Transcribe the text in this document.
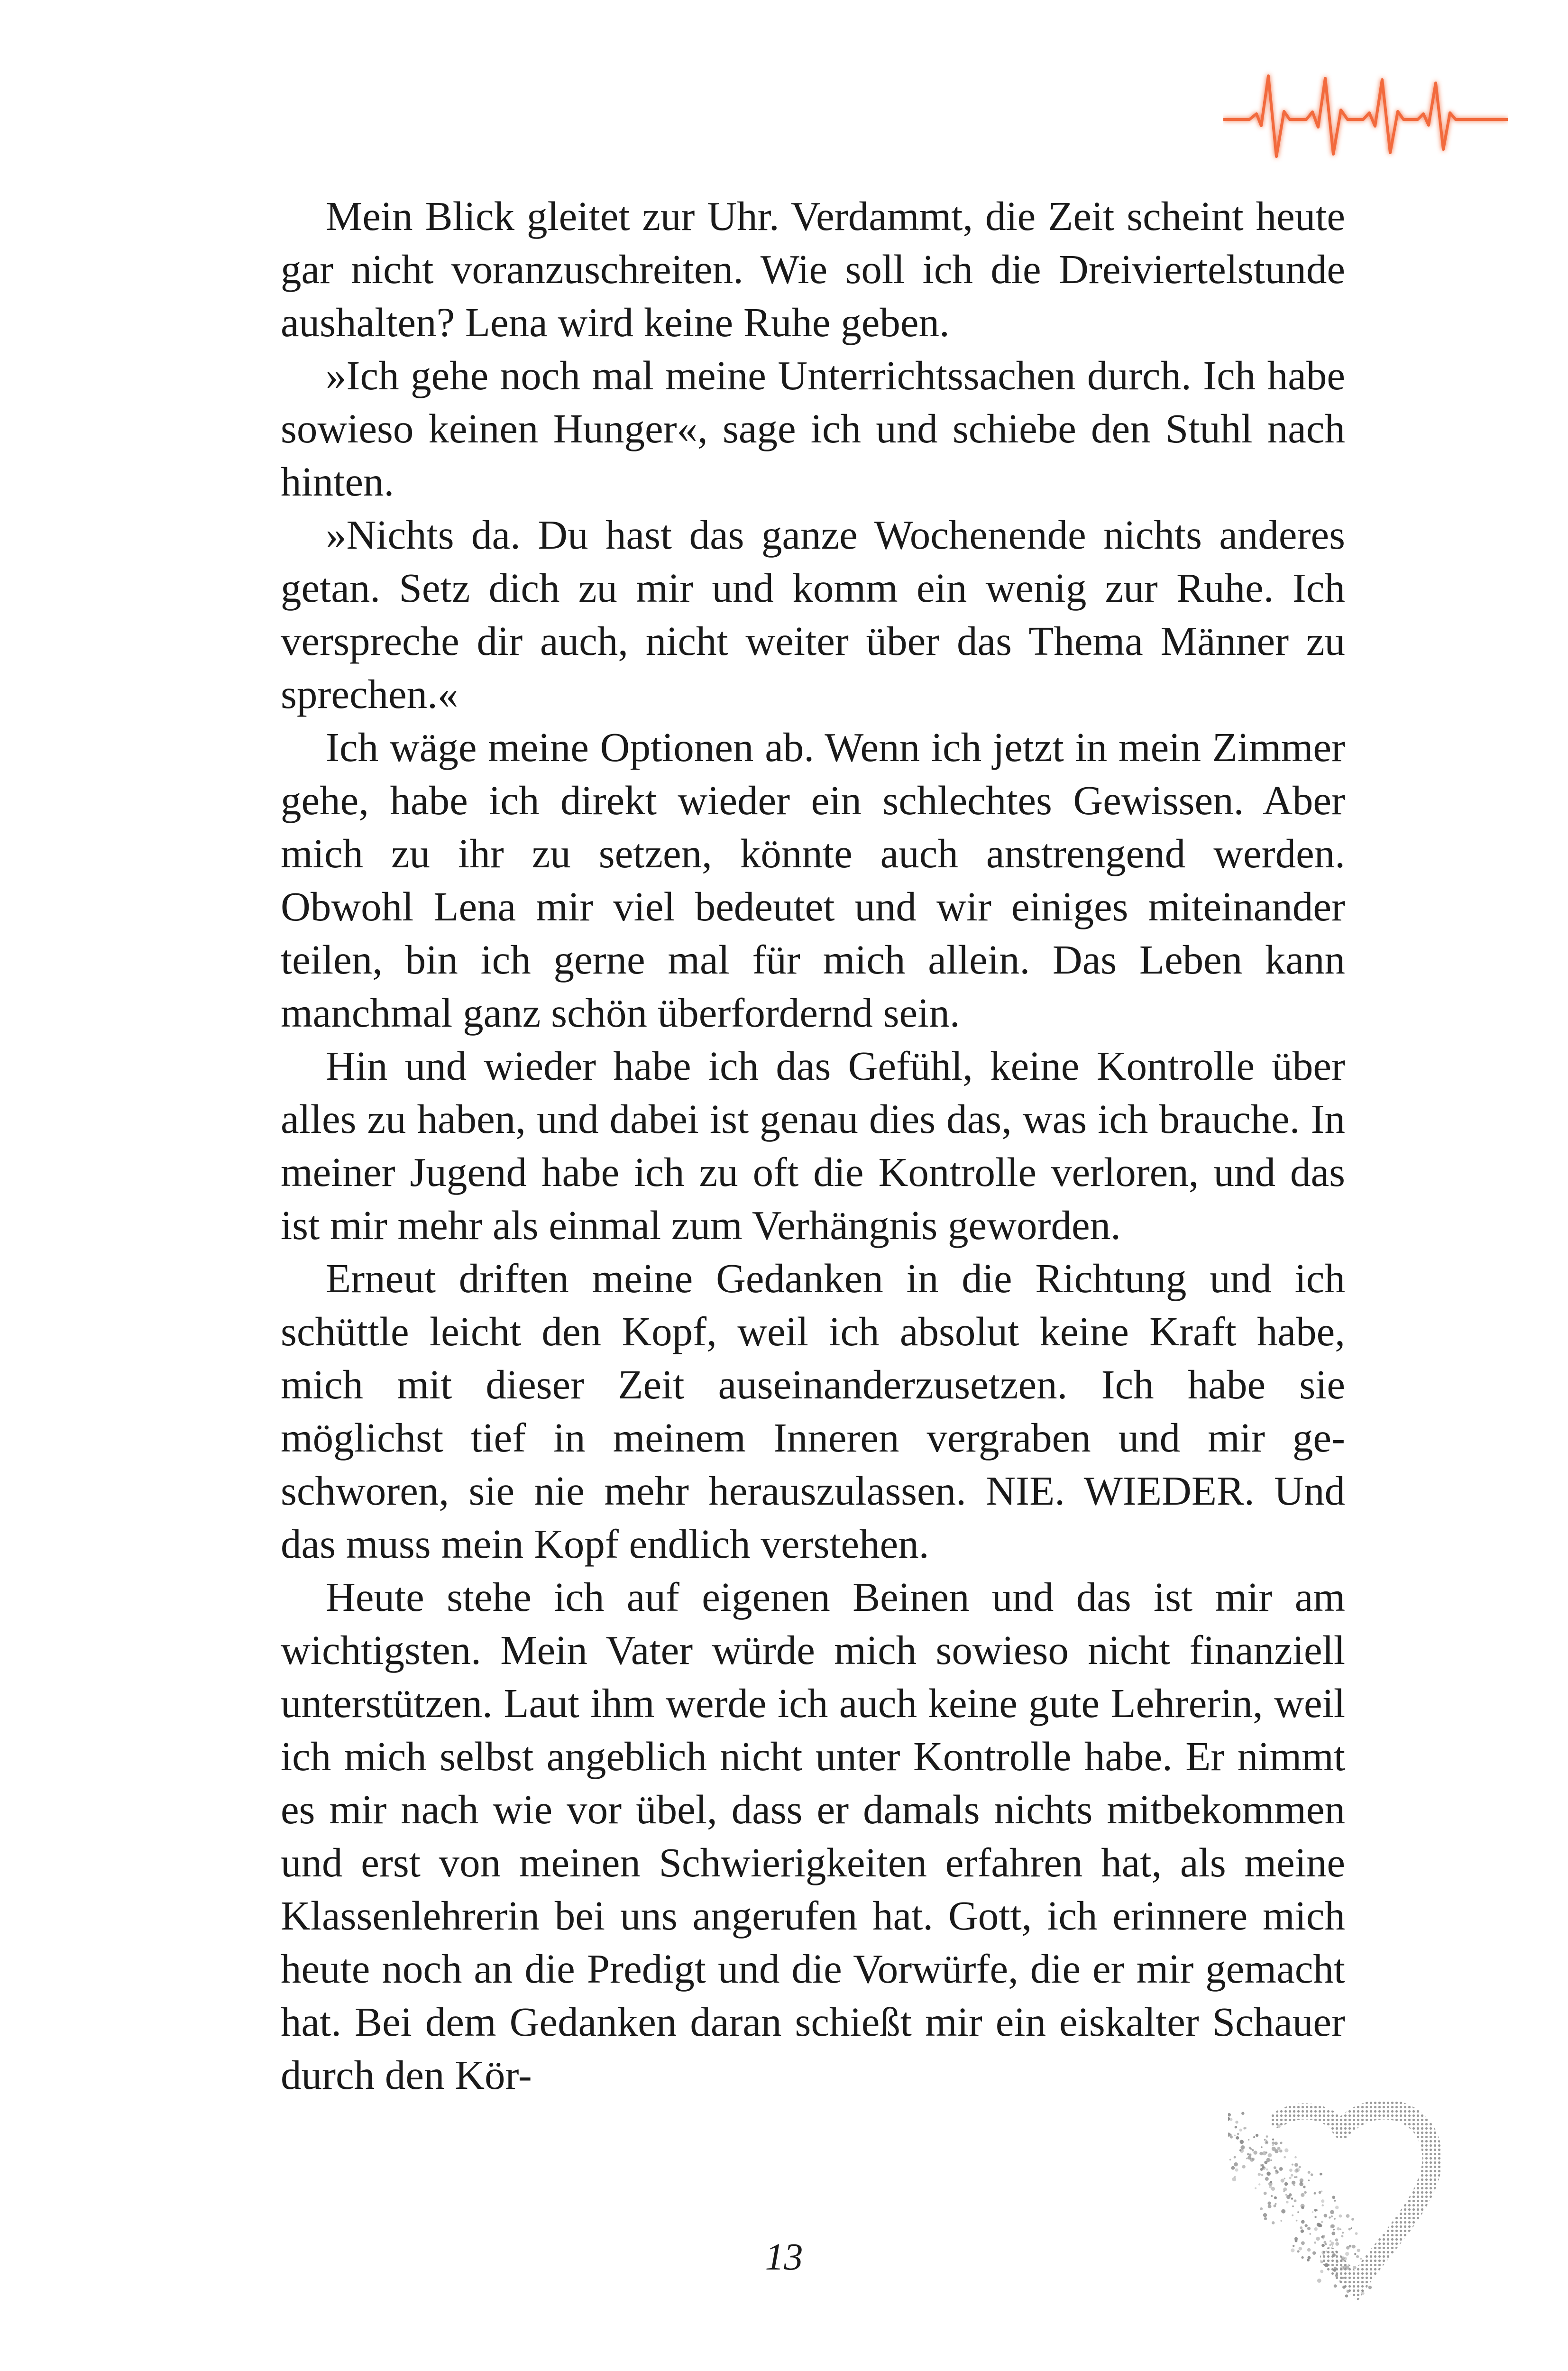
Mein Blick gleitet zur Uhr. Verdammt, die Zeit scheint heute gar nicht voranzuschreiten. Wie soll ich die Dreiviertelstunde aushalten? Lena wird keine Ruhe geben.

»Ich gehe noch mal meine Unterrichtssachen durch. Ich habe sowieso keinen Hunger«, sage ich und schiebe den Stuhl nach hinten.

»Nichts da. Du hast das ganze Wochenende nichts anderes getan. Setz dich zu mir und komm ein wenig zur Ruhe. Ich verspreche dir auch, nicht weiter über das Thema Männer zu sprechen.«

Ich wäge meine Optionen ab. Wenn ich jetzt in mein Zimmer gehe, habe ich direkt wieder ein schlechtes Gewissen. Aber mich zu ihr zu setzen, könnte auch anstrengend werden. Obwohl Lena mir viel bedeutet und wir einiges miteinander teilen, bin ich gerne mal für mich allein. Das Leben kann manchmal ganz schön überfordernd sein.

Hin und wieder habe ich das Gefühl, keine Kontrolle über alles zu haben, und dabei ist genau dies das, was ich brauche. In meiner Jugend habe ich zu oft die Kontrolle verloren, und das ist mir mehr als einmal zum Verhängnis geworden.

Erneut driften meine Gedanken in die Richtung und ich schüttle leicht den Kopf, weil ich absolut keine Kraft habe, mich mit dieser Zeit auseinanderzusetzen. Ich habe sie möglichst tief in meinem Inneren vergraben und mir geschworen, sie nie mehr herauszulassen. NIE. WIEDER. Und das muss mein Kopf endlich verstehen.

Heute stehe ich auf eigenen Beinen und das ist mir am wichtigsten. Mein Vater würde mich sowieso nicht finanziell unterstützen. Laut ihm werde ich auch keine gute Lehrerin, weil ich mich selbst angeblich nicht unter Kontrolle habe. Er nimmt es mir nach wie vor übel, dass er damals nichts mitbekommen und erst von meinen Schwierigkeiten erfahren hat, als meine Klassenlehrerin bei uns angerufen hat. Gott, ich erinnere mich heute noch an die Predigt und die Vorwürfe, die er mir gemacht hat. Bei dem Gedanken daran schießt mir ein eiskalter Schauer durch den Kör-

13
